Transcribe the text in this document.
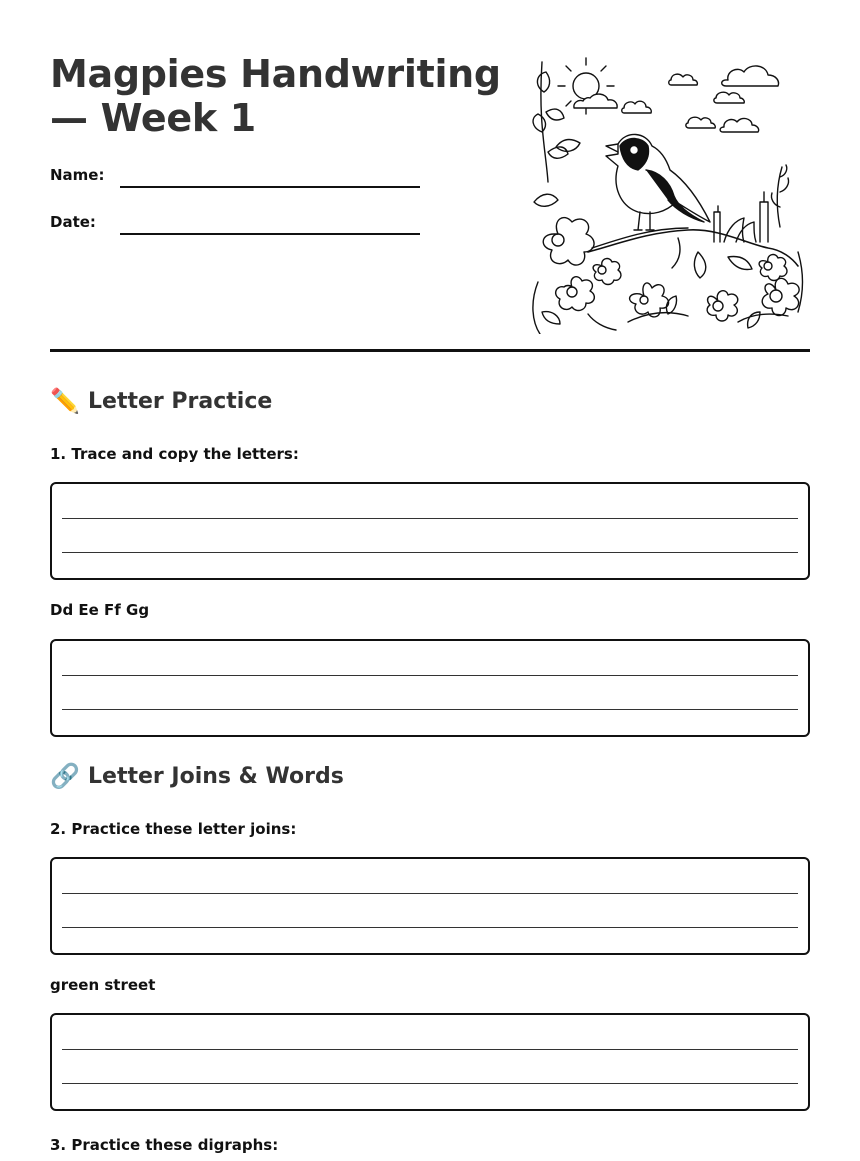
Magpies Handwriting — Week 1
Name:
Date:
✏️ Letter Practice

1. Trace and copy the letters:

Dd Ee Ff Gg

🔗 Letter Joins & Words

2. Practice these letter joins:

green street

3. Practice these digraphs:
